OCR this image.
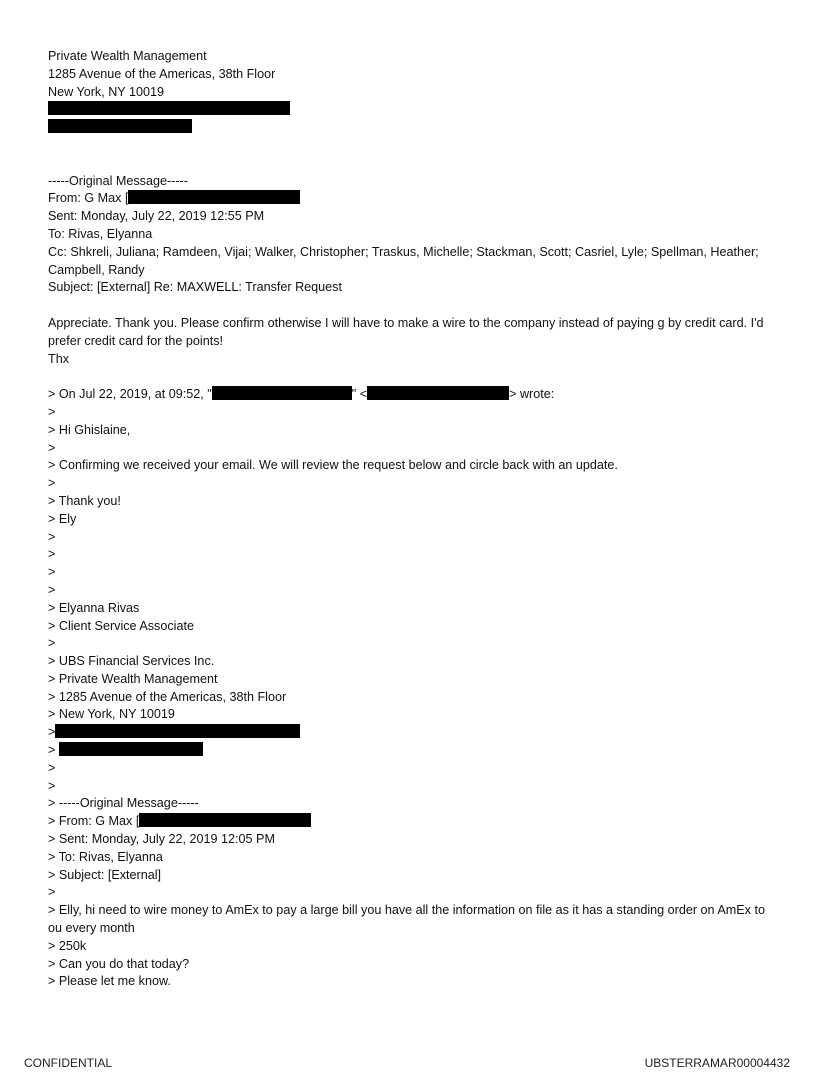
Private Wealth Management
1285 Avenue of the Americas, 38th Floor
New York, NY 10019
-----Original Message-----
From: G Max [
Sent: Monday, July 22, 2019 12:55 PM
To: Rivas, Elyanna
Cc: Shkreli, Juliana; Ramdeen, Vijai; Walker, Christopher; Traskus, Michelle; Stackman, Scott; Casriel, Lyle; Spellman, Heather; Campbell, Randy
Subject: [External] Re: MAXWELL: Transfer Request
Appreciate. Thank you. Please confirm otherwise I will have to make a wire to the company instead of paying g by credit card. I'd prefer credit card for the points!
Thx
> On Jul 22, 2019, at 09:52, "	" <	> wrote:
>
> Hi Ghislaine,
>
> Confirming we received your email. We will review the request below and circle back with an update.
>
> Thank you!
> Ely
>
>
>
>
> Elyanna Rivas
> Client Service Associate
>
> UBS Financial Services Inc.
> Private Wealth Management
> 1285 Avenue of the Americas, 38th Floor
> New York, NY 10019
>
>
>
>
> -----Original Message-----
> From: G Max [
> Sent: Monday, July 22, 2019 12:05 PM
> To: Rivas, Elyanna
> Subject: [External]
>
> Elly, hi need to wire money to AmEx to pay a large bill you have all the information on file as it has a standing order on AmEx to ou every month
> 250k
> Can you do that today?
> Please let me know.
CONFIDENTIAL	UBSTERRAMAR00004432
